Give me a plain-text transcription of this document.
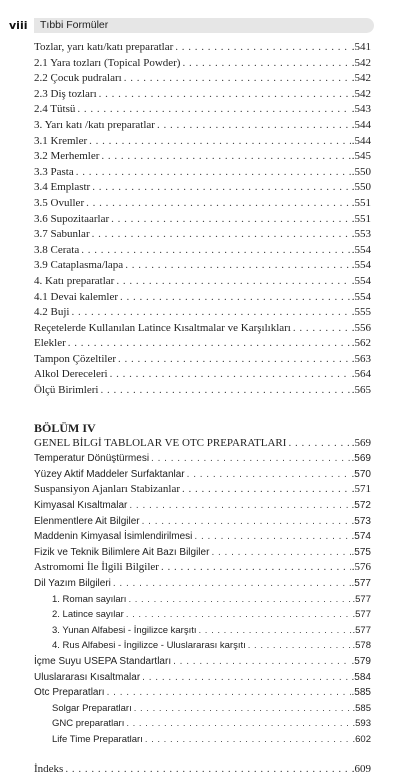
viii Tıbbi Formüler
Tozlar, yarı katı/katı preparatlar . . .	.541
2.1 Yara tozları (Topical Powder) . . .	.542
2.2 Çocuk pudraları . . .	.542
2.3 Diş tozları . . .	.542
2.4 Tütsü . . .	.543
3. Yarı katı /katı preparatlar . . .	.544
3.1 Kremler . . .	.544
3.2 Merhemler . . .	.545
3.3 Pasta . . .	.550
3.4 Emplastr . . .	.550
3.5 Ovuller . . .	.551
3.6 Supozitaarlar . . .	.551
3.7 Sabunlar . . .	.553
3.8 Cerata . . .	.554
3.9 Cataplasma/lapa . . .	.554
4. Katı preparatlar . . .	.554
4.1 Devai kalemler . . .	.554
4.2 Buji . . .	.555
Reçetelerde Kullanılan Latince Kısaltmalar ve Karşılıkları . . .	.556
Elekler . . .	.562
Tampon Çözeltiler . . .	.563
Alkol Dereceleri . . .	.564
Ölçü Birimleri . . .	.565
BÖLÜM IV
GENEL BİLGİ TABLOLAR VE OTC PREPARATLARI . . .	.569
Temperatur Dönüştürmesi . . .	.569
Yüzey Aktif Maddeler Surfaktanlar . . .	.570
Suspansiyon Ajanları Stabizanlar . . .	.571
Kimyasal Kısaltmalar . . .	.572
Elenmentlere Ait Bilgiler . . .	.573
Maddenin Kimyasal İsimlendirilmesi . . .	.574
Fizik ve Teknik Bilimlere Ait Bazı Bilgiler . . .	.575
Astromomi İle İlgili Bilgiler . . .	.576
Dil Yazım Bilgileri . . .	.577
1. Roman sayıları . . .	.577
2. Latince sayılar . . .	.577
3. Yunan Alfabesi - İngilizce karşıtı . . .	.577
4. Rus Alfabesi - İngilizce - Uluslararası karşıtı . . .	.578
İçme Suyu USEPA Standartları . . .	.579
Uluslararası Kısaltmalar . . .	.584
Otc Preparatları . . .	.585
Solgar Preparatları . . .	.585
GNC preparatları . . .	.593
Life Time Preparatları . . .	.602
İndeks . . .	.609
